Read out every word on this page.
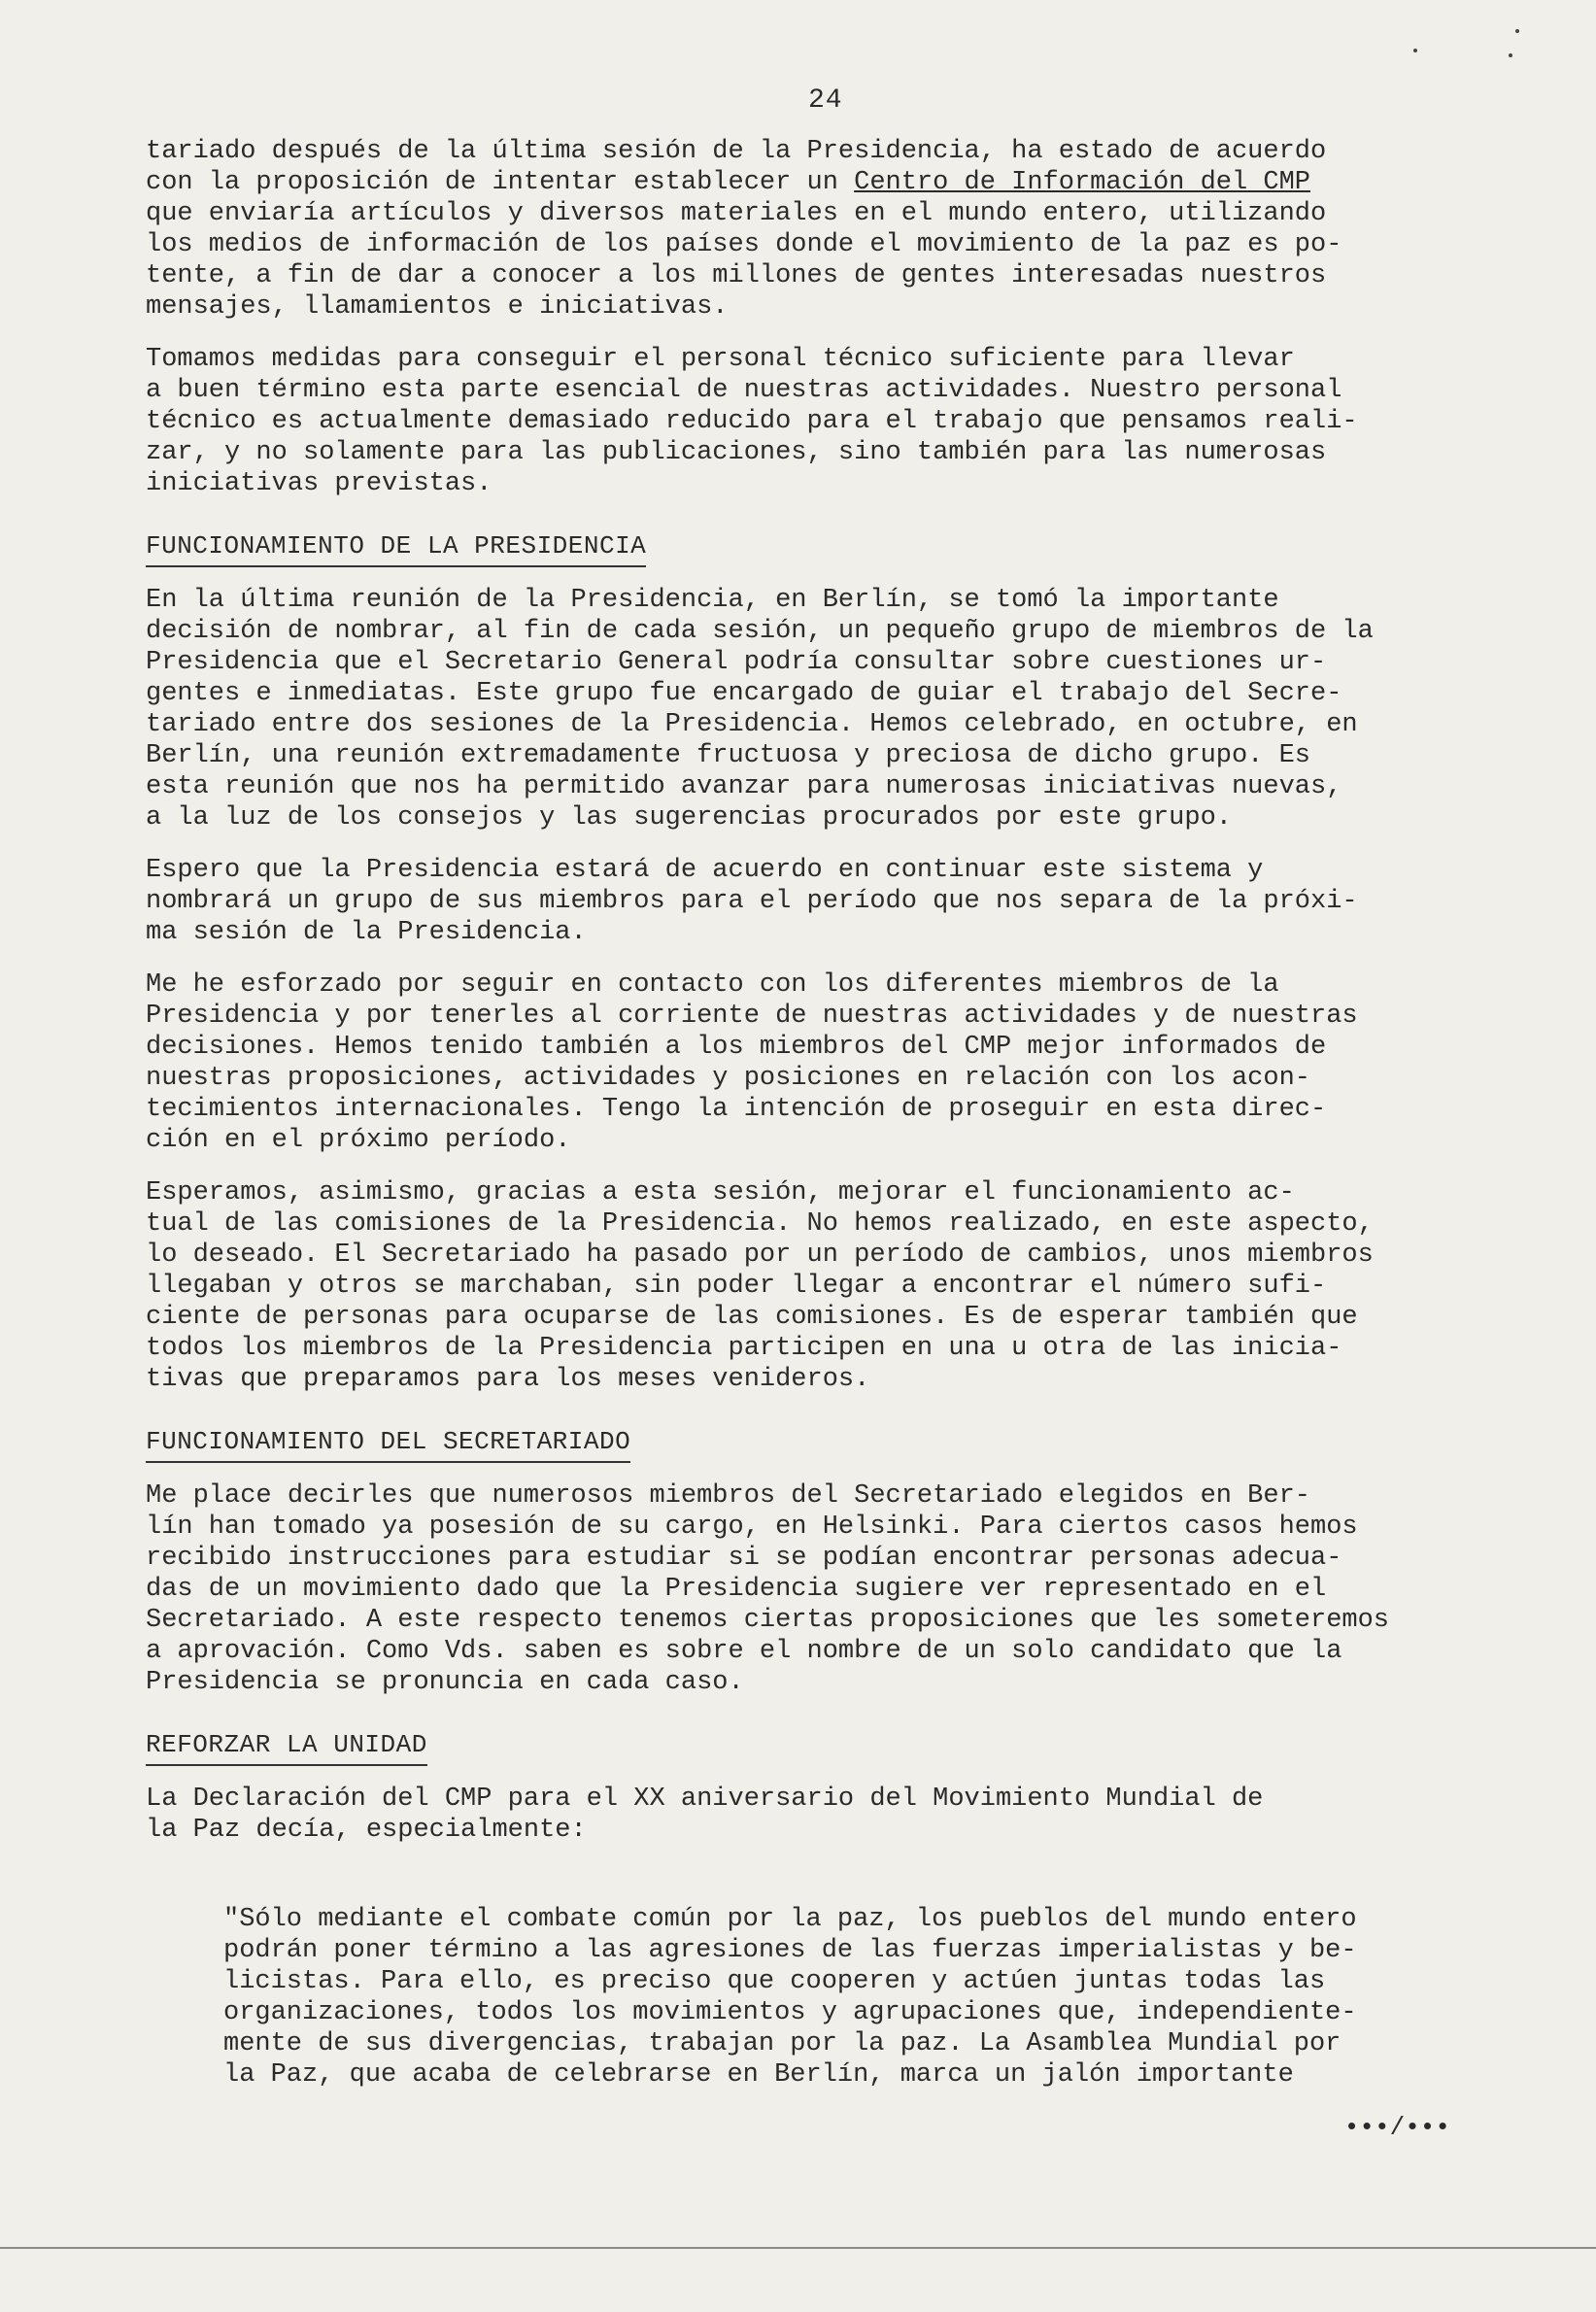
24

tariado después de la última sesión de la Presidencia, ha estado de acuerdo
con la proposición de intentar establecer un Centro de Información del CMP
que enviaría artículos y diversos materiales en el mundo entero, utilizando
los medios de información de los países donde el movimiento de la paz es po-
tente, a fin de dar a conocer a los millones de gentes interesadas nuestros
mensajes, llamamientos e iniciativas.

Tomamos medidas para conseguir el personal técnico suficiente para llevar
a buen término esta parte esencial de nuestras actividades. Nuestro personal
técnico es actualmente demasiado reducido para el trabajo que pensamos reali-
zar, y no solamente para las publicaciones, sino también para las numerosas
iniciativas previstas.

FUNCIONAMIENTO DE LA PRESIDENCIA

En la última reunión de la Presidencia, en Berlín, se tomó la importante
decisión de nombrar, al fin de cada sesión, un pequeño grupo de miembros de la
Presidencia que el Secretario General podría consultar sobre cuestiones ur-
gentes e inmediatas. Este grupo fue encargado de guiar el trabajo del Secre-
tariado entre dos sesiones de la Presidencia. Hemos celebrado, en octubre, en
Berlín, una reunión extremadamente fructuosa y preciosa de dicho grupo. Es
esta reunión que nos ha permitido avanzar para numerosas iniciativas nuevas,
a la luz de los consejos y las sugerencias procurados por este grupo.

Espero que la Presidencia estará de acuerdo en continuar este sistema y
nombrará un grupo de sus miembros para el período que nos separa de la próxi-
ma sesión de la Presidencia.

Me he esforzado por seguir en contacto con los diferentes miembros de la
Presidencia y por tenerles al corriente de nuestras actividades y de nuestras
decisiones. Hemos tenido también a los miembros del CMP mejor informados de
nuestras proposiciones, actividades y posiciones en relación con los acon-
tecimientos internacionales. Tengo la intención de proseguir en esta direc-
ción en el próximo período.

Esperamos, asimismo, gracias a esta sesión, mejorar el funcionamiento ac-
tual de las comisiones de la Presidencia. No hemos realizado, en este aspecto,
lo deseado. El Secretariado ha pasado por un período de cambios, unos miembros
llegaban y otros se marchaban, sin poder llegar a encontrar el número sufi-
ciente de personas para ocuparse de las comisiones. Es de esperar también que
todos los miembros de la Presidencia participen en una u otra de las inicia-
tivas que preparamos para los meses venideros.

FUNCIONAMIENTO DEL SECRETARIADO

Me place decirles que numerosos miembros del Secretariado elegidos en Ber-
lín han tomado ya posesión de su cargo, en Helsinki. Para ciertos casos hemos
recibido instrucciones para estudiar si se podían encontrar personas adecua-
das de un movimiento dado que la Presidencia sugiere ver representado en el
Secretariado. A este respecto tenemos ciertas proposiciones que les someteremos
a aprovación. Como Vds. saben es sobre el nombre de un solo candidato que la
Presidencia se pronuncia en cada caso.

REFORZAR LA UNIDAD

La Declaración del CMP para el XX aniversario del Movimiento Mundial de
la Paz decía, especialmente:

"Sólo mediante el combate común por la paz, los pueblos del mundo entero
podrán poner término a las agresiones de las fuerzas imperialistas y be-
licistas. Para ello, es preciso que cooperen y actúen juntas todas las
organizaciones, todos los movimientos y agrupaciones que, independiente-
mente de sus divergencias, trabajan por la paz. La Asamblea Mundial por
la Paz, que acaba de celebrarse en Berlín, marca un jalón importante

•••/•••
